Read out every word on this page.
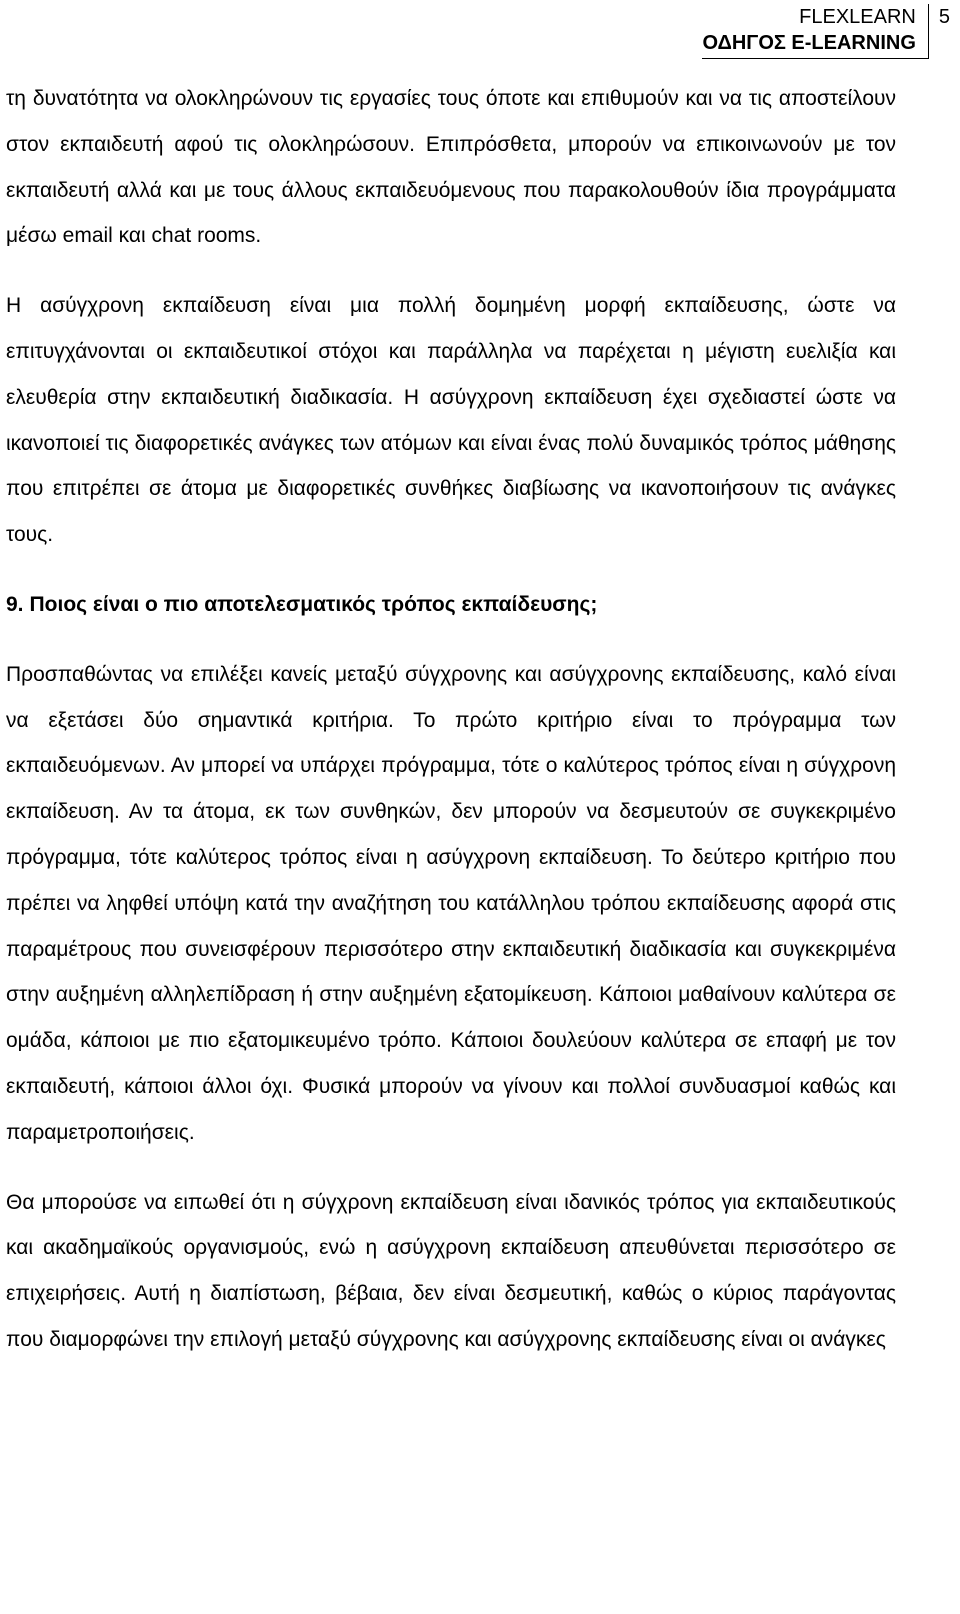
FLEXLEARN
ΟΔΗΓΟΣ E-LEARNING
5

τη δυνατότητα να ολοκληρώνουν τις εργασίες τους όποτε και επιθυμούν και να τις αποστείλουν στον εκπαιδευτή αφού τις ολοκληρώσουν. Επιπρόσθετα, μπορούν να επικοινωνούν με τον εκπαιδευτή αλλά και με τους άλλους εκπαιδευόμενους που παρακολουθούν ίδια προγράμματα μέσω email και chat rooms.

Η ασύγχρονη εκπαίδευση είναι μια πολλή δομημένη μορφή εκπαίδευσης, ώστε να επιτυγχάνονται οι εκπαιδευτικοί στόχοι και παράλληλα να παρέχεται η μέγιστη ευελιξία και ελευθερία στην εκπαιδευτική διαδικασία. Η ασύγχρονη εκπαίδευση έχει σχεδιαστεί ώστε να ικανοποιεί τις διαφορετικές ανάγκες των ατόμων και είναι ένας πολύ δυναμικός τρόπος μάθησης που επιτρέπει σε άτομα με διαφορετικές συνθήκες διαβίωσης να ικανοποιήσουν τις ανάγκες τους.

9. Ποιος είναι ο πιο αποτελεσματικός τρόπος εκπαίδευσης;

Προσπαθώντας να επιλέξει κανείς μεταξύ σύγχρονης και ασύγχρονης εκπαίδευσης, καλό είναι να εξετάσει δύο σημαντικά κριτήρια. Το πρώτο κριτήριο είναι το πρόγραμμα των εκπαιδευόμενων. Αν μπορεί να υπάρχει πρόγραμμα, τότε ο καλύτερος τρόπος είναι η σύγχρονη εκπαίδευση. Αν τα άτομα, εκ των συνθηκών, δεν μπορούν να δεσμευτούν σε συγκεκριμένο πρόγραμμα, τότε καλύτερος τρόπος είναι η ασύγχρονη εκπαίδευση. Το δεύτερο κριτήριο που πρέπει να ληφθεί υπόψη κατά την αναζήτηση του κατάλληλου τρόπου εκπαίδευσης αφορά στις παραμέτρους που συνεισφέρουν περισσότερο στην εκπαιδευτική διαδικασία και συγκεκριμένα στην αυξημένη αλληλεπίδραση ή στην αυξημένη εξατομίκευση. Κάποιοι μαθαίνουν καλύτερα σε ομάδα, κάποιοι με πιο εξατομικευμένο τρόπο. Κάποιοι δουλεύουν καλύτερα σε επαφή με τον εκπαιδευτή, κάποιοι άλλοι όχι. Φυσικά μπορούν να γίνουν και πολλοί συνδυασμοί καθώς και παραμετροποιήσεις.

Θα μπορούσε να ειπωθεί ότι η σύγχρονη εκπαίδευση είναι ιδανικός τρόπος για εκπαιδευτικούς και ακαδημαϊκούς οργανισμούς, ενώ η ασύγχρονη εκπαίδευση απευθύνεται περισσότερο σε επιχειρήσεις. Αυτή η διαπίστωση, βέβαια, δεν είναι δεσμευτική, καθώς ο κύριος παράγοντας που διαμορφώνει την επιλογή μεταξύ σύγχρονης και ασύγχρονης εκπαίδευσης είναι οι ανάγκες
